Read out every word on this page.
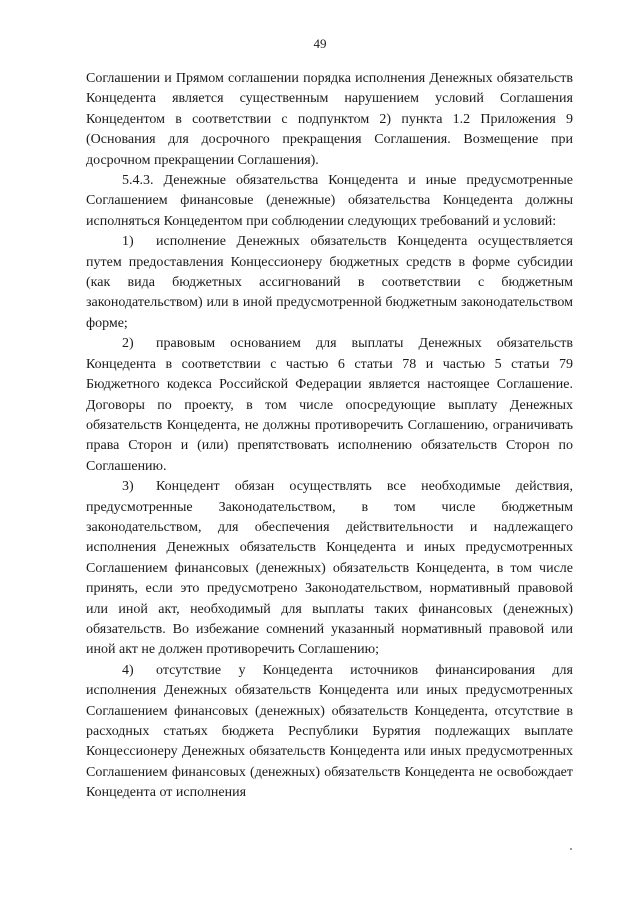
49

Соглашении и Прямом соглашении порядка исполнения Денежных обязательств Концедента является существенным нарушением условий Соглашения Концедентом в соответствии с подпунктом 2) пункта 1.2 Приложения 9 (Основания для досрочного прекращения Соглашения. Возмещение при досрочном прекращении Соглашения).

5.4.3. Денежные обязательства Концедента и иные предусмотренные Соглашением финансовые (денежные) обязательства Концедента должны исполняться Концедентом при соблюдении следующих требований и условий:

1) исполнение Денежных обязательств Концедента осуществляется путем предоставления Концессионеру бюджетных средств в форме субсидии (как вида бюджетных ассигнований в соответствии с бюджетным законодательством) или в иной предусмотренной бюджетным законодательством форме;

2) правовым основанием для выплаты Денежных обязательств Концедента в соответствии с частью 6 статьи 78 и частью 5 статьи 79 Бюджетного кодекса Российской Федерации является настоящее Соглашение. Договоры по проекту, в том числе опосредующие выплату Денежных обязательств Концедента, не должны противоречить Соглашению, ограничивать права Сторон и (или) препятствовать исполнению обязательств Сторон по Соглашению.

3) Концедент обязан осуществлять все необходимые действия, предусмотренные Законодательством, в том числе бюджетным законодательством, для обеспечения действительности и надлежащего исполнения Денежных обязательств Концедента и иных предусмотренных Соглашением финансовых (денежных) обязательств Концедента, в том числе принять, если это предусмотрено Законодательством, нормативный правовой или иной акт, необходимый для выплаты таких финансовых (денежных) обязательств. Во избежание сомнений указанный нормативный правовой или иной акт не должен противоречить Соглашению;

4) отсутствие у Концедента источников финансирования для исполнения Денежных обязательств Концедента или иных предусмотренных Соглашением финансовых (денежных) обязательств Концедента, отсутствие в расходных статьях бюджета Республики Бурятия подлежащих выплате Концессионеру Денежных обязательств Концедента или иных предусмотренных Соглашением финансовых (денежных) обязательств Концедента не освобождает Концедента от исполнения
